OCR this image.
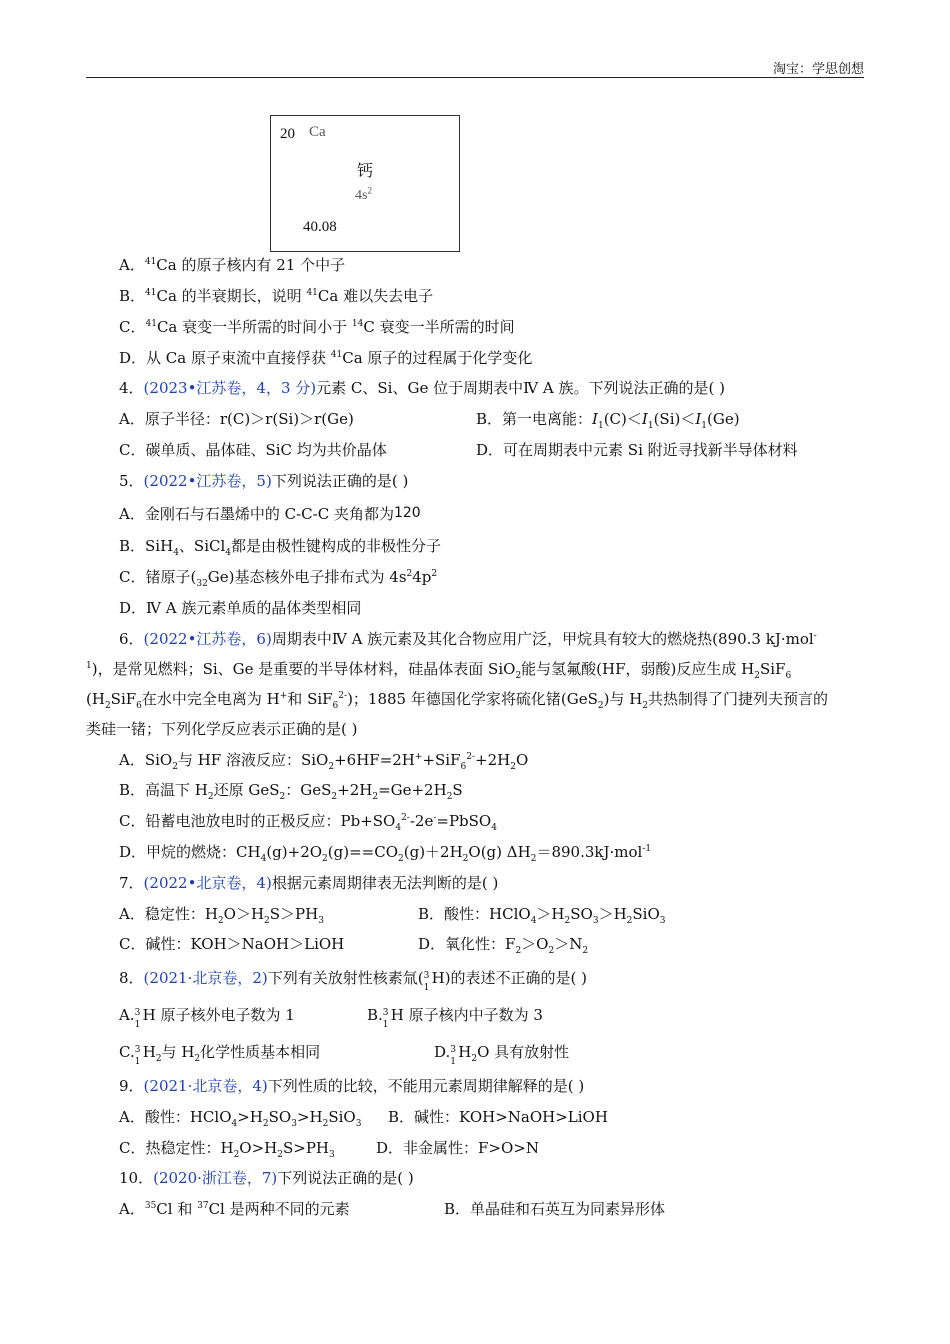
淘宝：学思创想
20 Ca
钙
$4s^2$
40.08
A．$^{41}$Ca 的原子核内有 21 个中子
B．$^{41}$Ca 的半衰期长，说明 $^{41}$Ca 难以失去电子
C．$^{41}$Ca 衰变一半所需的时间小于 $^{14}$C 衰变一半所需的时间
D．从 Ca 原子束流中直接俘获 $^{41}$Ca 原子的过程属于化学变化
4．(2023•江苏卷，4，3 分)元素 C、Si、Ge 位于周期表中Ⅳ A 族。下列说法正确的是( )
A．原子半径：r(C)＞r(Si)＞r(Ge)	B．第一电离能：$I_1(C)<I_1(Si)<I_1(Ge)$
C．碳单质、晶体硅、SiC 均为共价晶体	D．可在周期表中元素 Si 附近寻找新半导体材料
5．(2022•江苏卷，5)下列说法正确的是( )
A．金刚石与石墨烯中的 C-C-C 夹角都为120
B．SiH$_4$、SiCl$_4$都是由极性键构成的非极性分子
C．锗原子$(_{32}Ge)$基态核外电子排布式为 $4s^24p^2$
D．Ⅳ A 族元素单质的晶体类型相同
6．(2022•江苏卷，6)周期表中Ⅳ A 族元素及其化合物应用广泛，甲烷具有较大的燃烧热(890.3 kJ·mol-
$^1$)，是常见燃料；Si、Ge 是重要的半导体材料，硅晶体表面 SiO$_2$能与氢氟酸(HF，弱酸)反应生成 $H_2SiF_6$
($H_2SiF_6$在水中完全电离为 H+和 SiF$_6^{2-}$)；1885 年德国化学家将硫化锗(GeS$_2$)与 $H_2$共热制得了门捷列夫预言的
类硅一锗；下列化学反应表示正确的是( )
A．SiO$_2$与 HF 溶液反应：$SiO_2+6HF=2H^++SiF_6^{2-}+2H_2O$
B．高温下 $H_2$还原 GeS$_2$：$GeS_2+2H_2=Ge+2H_2S$
C．铅蓄电池放电时的正极反应：$Pb+SO_4^{2-}-2e^-=PbSO_4$
D．甲烷的燃烧：$CH_4(g)+2O_2(g)==CO_2(g)+2H_2O(g)$ $\Delta H_2=890.3kJ\cdot mol^{-1}$
7．(2022•北京卷，4)根据元素周期律表无法判断的是( )
A．稳定性：$H_2O>H_2S>PH_3$	B．酸性：$HClO_4>H_2SO_3>H_2SiO_3$
C．碱性：KOH＞NaOH＞LiOH	D．氧化性：$F_2>O_2>N_2$
8．(2021·北京卷，2)下列有关放射性核素氚( 3
1
H)的表述不正确的是( )
A. 3
1
H 原子核外电子数为 1	B. 3
1
H 原子核内中子数为 3
C. 3
1
$H_2$与 $H_2$化学性质基本相同	D. 3
1
$H_2O$ 具有放射性
9．(2021·北京卷，4)下列性质的比较，不能用元素周期律解释的是( )
A．酸性：$HClO_4>H_2SO_3>H_2SiO_3$ B．碱性：KOH>NaOH>LiOH
C．热稳定性：$H_2O>H_2S>PH_3$	D．非金属性：F>O>N
10．(2020·浙江卷，7)下列说法正确的是( )
A．$^{35}$Cl 和 $^{37}$Cl 是两种不同的元素	B．单晶硅和石英互为同素异形体
